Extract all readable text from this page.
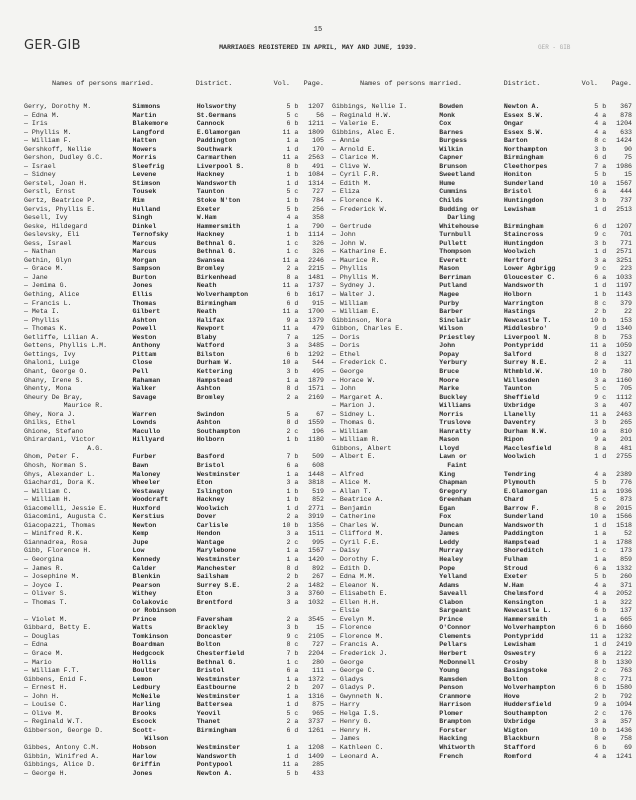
15
GER-GIB	MARRIAGES REGISTERED IN APRIL, MAY AND JUNE, 1939.	GER - GIB
Names of persons married.	District.	Vol.	Page.
Gerry, Dorothy M.	Simmons	Holsworthy	5 b	1207
— Edna M.	Martin	St.Germans	5 c	56
— Iris	Blakemore	Cannock	6 b	1211
— Phyllis M.	Langford	E.Glamorgan	11 a	1809
— William F.	Hatten	Paddington	1 a	105
Gershkoff, Nellie	Nowers	Southwark	1 d	170
Gershon, Dudley G.C.	Morris	Carmarthen	11 a	2563
— Israel	Sleefrig	Liverpool S.	8 b	491
— Sidney	Levene	Hackney	1 b	1084
Gerstel, Joan H.	Stimson	Wandsworth	1 d	1314
Gerstl, Ernst	Tousek	Taunton	5 c	727
Gertz, Beatrice P.	Rim	Stoke N'ton	1 b	784
Gervis, Phyllis E.	Hulland	Exeter	5 b	256
Gesell, Ivy	Singh	W.Ham	4 a	358
Geske, Hildegard	Dinkel	Hammersmith	1 a	790
Geslevsky, Eli	Ternofsky	Hackney	1 b	1114
Gess, Israel	Marcus	Bethnal G.	1 c	326
— Nathan	Marcus	Bethnal G.	1 c	326
Gethin, Glyn	Morgan	Swansea	11 a	2246
— Grace M.	Sampson	Bromley	2 a	2215
— Jane	Burton	Birkenhead	8 a	1481
— Jemima G.	Jones	Neath	11 a	1737
Gething, Alice	Ellis	Wolverhampton	6 b	1617
— Francis L.	Thomas	Birmingham	6 d	915
— Meta I.	Gilbert	Neath	11 a	1700
— Phyllis	Ashton	Halifax	9 a	1379
— Thomas K.	Powell	Newport	11 a	479
Getliffe, Lilian A.	Weston	Blaby	7 a	125
Gettens, Phyllis L.M.	Anthony	Watford	3 a	3485
Gettings, Ivy	Pittam	Bilston	6 b	1292
Ghaloni, Luige	Close	Durham W.	10 a	544
Ghant, George O.	Pell	Kettering	3 b	495
Ghany, Irene S.	Rahaman	Hampstead	1 a	1879
Ghenty, Mona	Walker	Ashton	8 d	1571
Gheury De Bray,	Savage	Bromley	2 a	2169
Maurice R.
Ghey, Nora J.	Warren	Swindon	5 a	67
Ghilks, Ethel	Lownds	Ashton	8 d	1559
Ghione, Stefano	Macullo	Southampton	2 c	196
Ghirardani, Victor	Hillyard	Holborn	1 b	1180
A.G.
Ghom, Peter F.	Furber	Basford	7 b	509
Ghosh, Norman S.	Bawn	Bristol	6 a	608
Ghys, Alexander L.	Maloney	Westminster	1 a	1448
Giachardi, Dora K.	Wheeler	Eton	3 a	3818
— William C.	Westaway	Islington	1 b	519
— William H.	Woodcraft	Hackney	1 b	852
Giacomelli, Jessie E.	Huxford	Woolwich	1 d	2771
Giacomini, Augusta C.	Kerstius	Dover	2 a	3919
Giacopazzi, Thomas	Newton	Carlisle	10 b	1356
— Winifred R.K.	Kemp	Hendon	3 a	1511
Giannadrea, Rosa	Jupe	Wantage	2 c	995
Gibb, Florence H.	Low	Marylebone	1 a	1567
— Georgina	Kennedy	Westminster	1 a	1420
— James R.	Calder	Manchester	8 d	892
— Josephine M.	Blenkin	Sailsham	2 b	267
— Joyce I.	Pearson	Surrey S.E.	2 a	1482
— Oliver S.	Withey	Eton	3 a	3760
— Thomas T.	Colakovic	Brentford	3 a	1032
or Robinson
— Violet M.	Prince	Faversham	2 a	3545
Gibbard, Betty E.	Watts	Brackley	3 b	15
— Douglas	Tomkinson	Doncaster	9 c	2105
— Edna	Boardman	Bolton	8 c	727
— Grace M.	Hedgcock	Chesterfield	7 b	2204
— Mario	Hollis	Bethnal G.	1 c	280
— William F.T.	Boulter	Bristol	6 a	111
Gibbens, Enid F.	Lemon	Westminster	1 a	1372
— Ernest H.	Ledbury	Eastbourne	2 b	207
— John H.	McNeile	Westminster	1 a	1316
— Louise C.	Harling	Battersea	1 d	875
— Olive M.	Brooks	Yeovil	5 c	965
— Reginald W.T.	Escock	Thanet	2 a	3737
Gibberson, George D.	Scott-	Birmingham	6 d	1261
Wilson
Gibbes, Antony C.M.	Hobson	Westminster	1 a	1208
Gibbin, Winifred A.	Harlow	Wandsworth	1 d	1409
Gibbings, Alice D.	Griffin	Pontypool	11 a	285
— George H.	Jones	Newton A.	5 b	433
Names of persons married.	District.	Vol.	Page.
Gibbings, Nellie I.	Bowden	Newton A.	5 b	367
— Reginald H.W.	Monk	Essex S.W.	4 a	878
— Valerie E.	Cox	Ongar	4 a	1204
Gibbins, Alec E.	Barnes	Essex S.W.	4 a	633
— Annie	Burgess	Barton	8 c	1424
— Arnold E.	Wilkin	Northampton	3 b	90
— Clarice M.	Capner	Birmingham	6 d	75
— Clive W.	Brunson	Cleethorpes	7 a	1986
— Cyril F.R.	Sweetland	Honiton	5 b	15
— Edith M.	Hume	Sunderland	10 a	1567
— Eliza	Cummins	Bristol	6 a	444
— Florence K.	Childs	Huntingdon	3 b	737
— Frederick W.	Budding or	Lewisham	1 d	2513
Darling
— Gertrude	Whitehouse	Birmingham	6 d	1207
— John	Turnbull	Staincross	9 c	701
— John W.	Pullett	Huntingdon	3 b	771
— Katharine E.	Thompson	Woolwich	1 d	2571
— Maurice R.	Everett	Hertford	3 a	3251
— Phyllis	Mason	Lower Agbrigg	9 c	223
— Phyllis M.	Berriman	Gloucester C.	6 a	1033
— Sydney J.	Putland	Wandsworth	1 d	1197
— Walter J.	Magee	Holborn	1 b	1143
— William	Purby	Warrington	8 c	379
— William E.	Barber	Hastings	2 b	22
Gibbinson, Nora	Sinclair	Newcastle T.	10 b	153
Gibbon, Charles E.	Wilson	Middlesbro'	9 d	1340
— Doris	Priestley	Liverpool N.	8 b	753
— Doris	John	Pontypridd	11 a	1059
— Ethel	Popay	Salford	8 d	1327
— Frederick C.	Yerbury	Surrey N.E.	2 a	11
— George	Bruce	Nthmbld.W.	10 b	780
— Horace W.	Moore	Willesden	3 a	1160
— John	Marke	Taunton	5 c	705
— Margaret A.	Buckley	Sheffield	9 c	1112
— Marion J.	Williams	Uxbridge	3 a	407
— Sidney L.	Morris	Llanelly	11 a	2463
— Thomas G.	Truslove	Daventry	3 b	265
— William	Hanratty	Durham N.W.	10 a	810
— William R.	Mason	Ripon	9 a	201
Gibbons, Albert	Lloyd	Macclesfield	8 a	481
— Albert E.	Lawn or	Woolwich	1 d	2755
Faint
— Alfred	King	Tendring	4 a	2389
— Alice M.	Chapman	Plymouth	5 b	776
— Allan T.	Gregory	E.Glamorgan	11 a	1936
— Beatrice A.	Greenham	Chard	5 c	873
— Benjamin	Egan	Barrow F.	8 e	2015
— Catherine	Fox	Sunderland	10 a	1566
— Charles W.	Duncan	Wandsworth	1 d	1518
— Clifford M.	James	Paddington	1 a	52
— Cyril F.E.	Leddy	Hampstead	1 a	1788
— Daisy	Murray	Shoreditch	1 c	173
— Dorothy F.	Healey	Fulham	1 a	859
— Edith D.	Pope	Stroud	6 a	1332
— Edna M.M.	Yelland	Exeter	5 b	260
— Eleanor N.	Adams	W.Ham	4 a	371
— Elisabeth E.	Saveall	Chelmsford	4 a	2052
— Ellen H.H.	Clabon	Kensington	1 a	322
— Elsie	Sargeant	Newcastle L.	6 b	137
— Evelyn M.	Prince	Hammersmith	1 a	665
— Florence	O'Connor	Wolverhampton	6 b	1660
— Florence M.	Clements	Pontypridd	11 a	1232
— Francis A.	Pellars	Lewisham	1 d	2419
— Frederick J.	Herbert	Oswestry	6 a	2122
— George	McDonnell	Crosby	8 b	1330
— George C.	Young	Basingstoke	2 c	763
— Gladys	Ramsden	Bolton	8 c	771
— Gladys P.	Penson	Wolverhampton	6 b	1580
— Gwynneth N.	Cranmore	Hove	2 b	792
— Harry	Harrison	Huddersfield	9 a	1094
— Helga I.S.	Plomer	Southampton	2 c	176
— Henry G.	Brampton	Uxbridge	3 a	357
— Henry H.	Forster	Wigton	10 b	1436
— James	Hacking	Blackburn	8 e	758
— Kathleen C.	Whitworth	Stafford	6 b	69
— Leonard A.	French	Romford	4 a	1241
